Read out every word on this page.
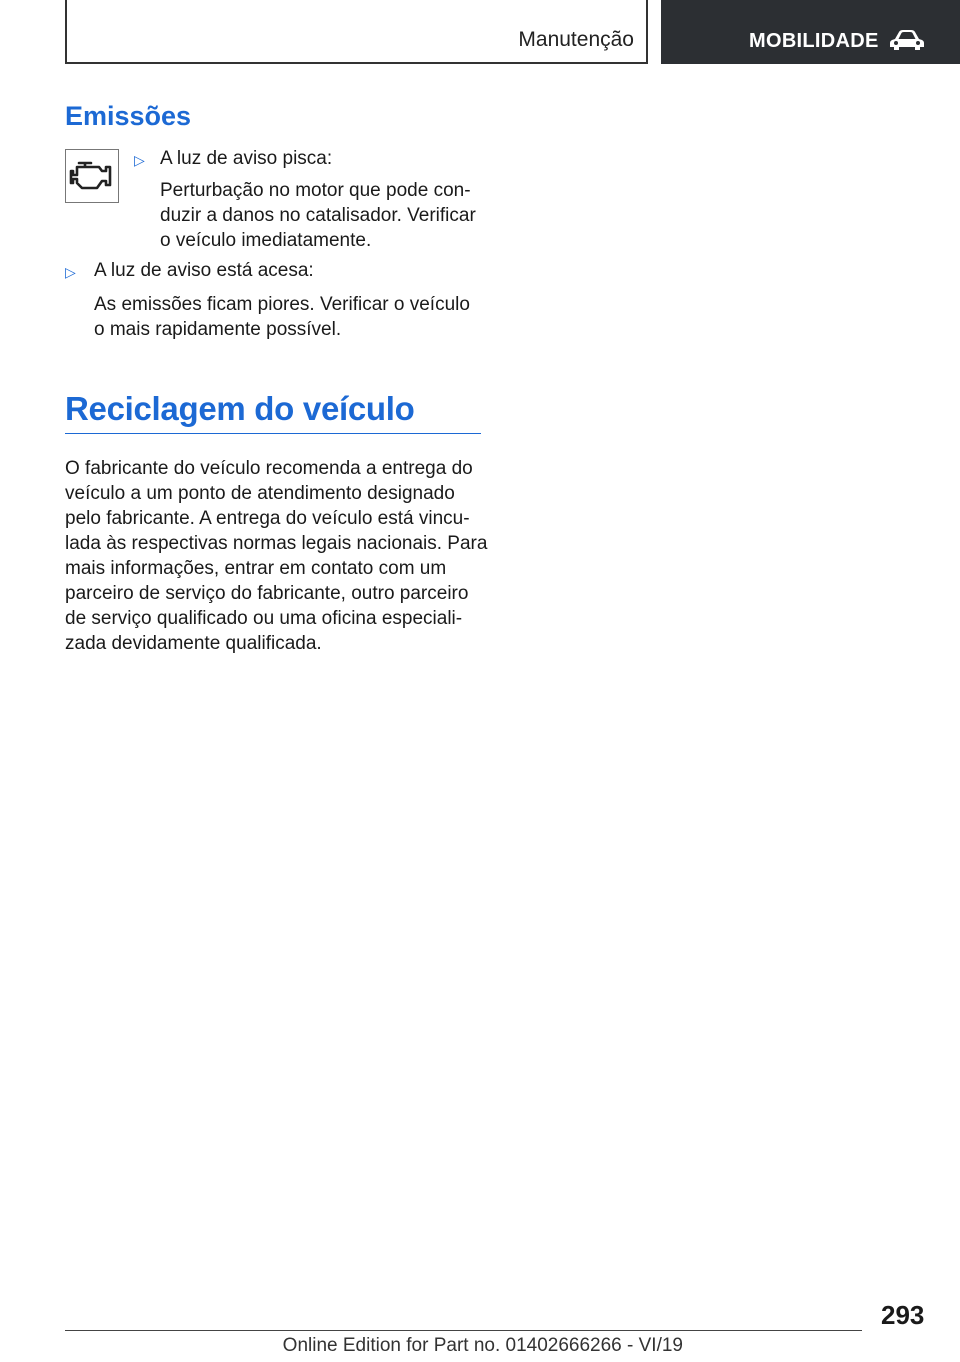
Manutenção	MOBILIDADE
Emissões
▷ A luz de aviso pisca:

Perturbação no motor que pode con-

duzir a danos no catalisador. Verificar

o veículo imediatamente.

▷ A luz de aviso está acesa:

As emissões ficam piores. Verificar o veículo

o mais rapidamente possível.

Reciclagem do veículo

O fabricante do veículo recomenda a entrega do

veículo a um ponto de atendimento designado

pelo fabricante. A entrega do veículo está vincu-

lada às respectivas normas legais nacionais. Para

mais informações, entrar em contato com um

parceiro de serviço do fabricante, outro parceiro

de serviço qualificado ou uma oficina especiali-

zada devidamente qualificada.

293
Online Edition for Part no. 01402666266 - VI/19
